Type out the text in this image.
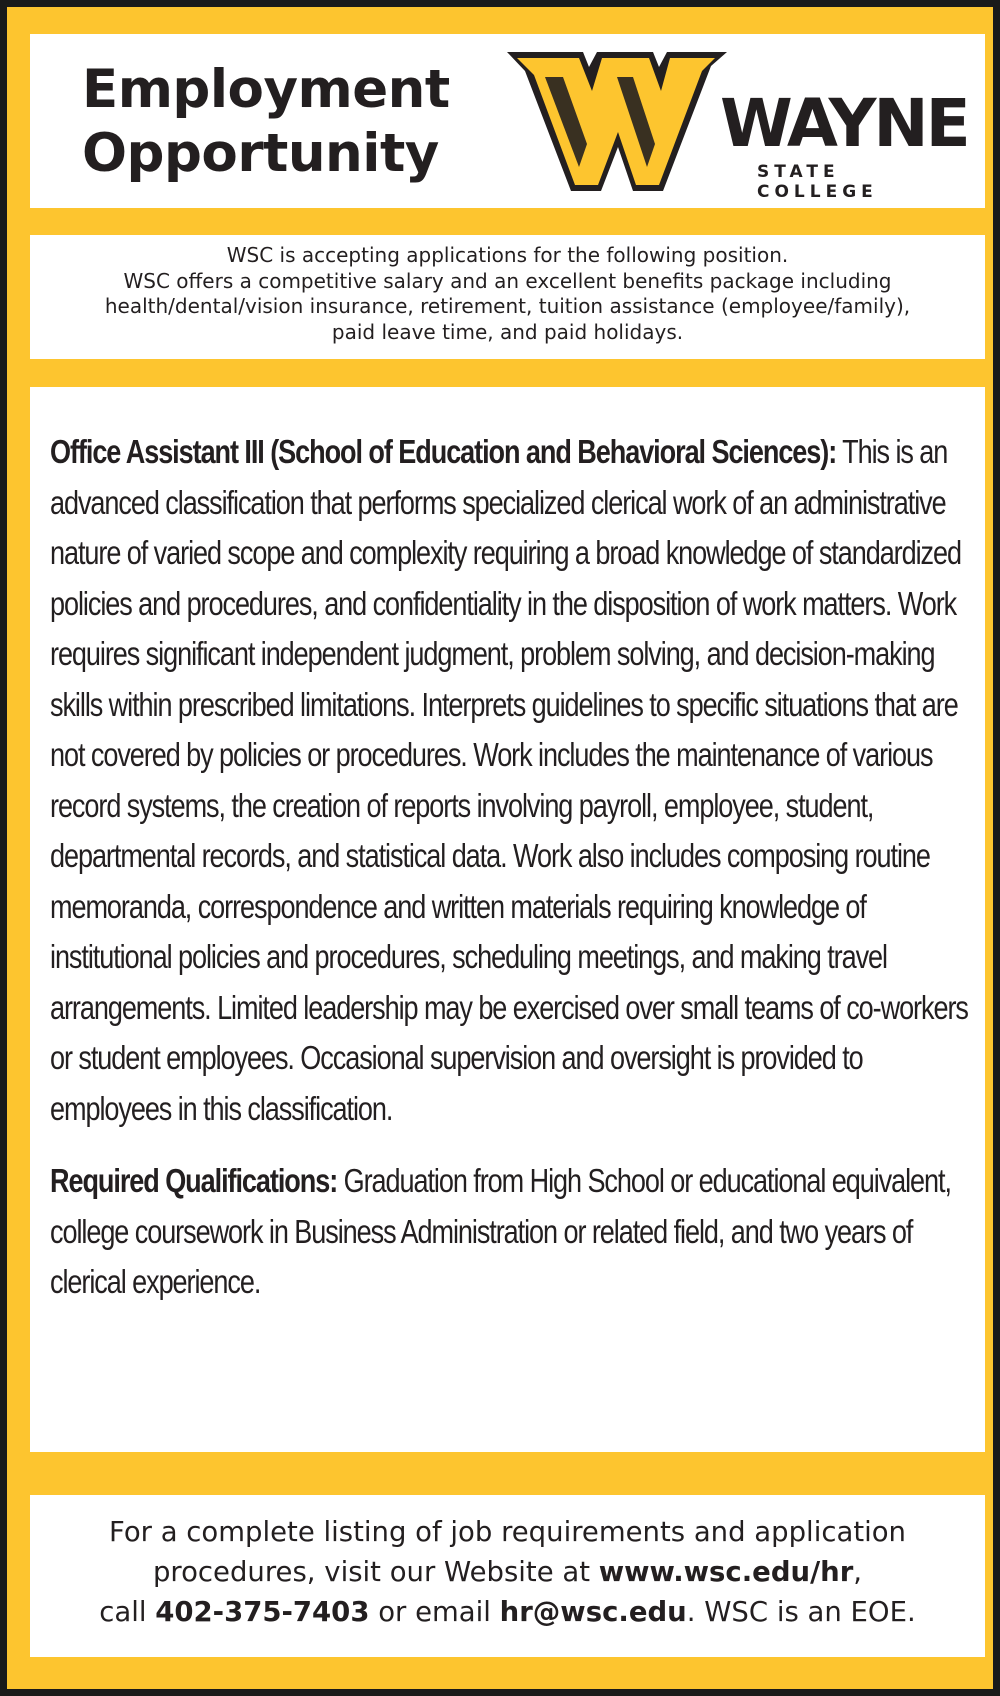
Employment
Opportunity	WAYNE
STATE COLLEGE

WSC is accepting applications for the following position.
WSC offers a competitive salary and an excellent benefits package including
health/dental/vision insurance, retirement, tuition assistance (employee/family),
paid leave time, and paid holidays.

Office Assistant III (School of Education and Behavioral Sciences): This is an advanced classification that performs specialized clerical work of an administrative nature of varied scope and complexity requiring a broad knowledge of standardized policies and procedures, and confidentiality in the disposition of work matters. Work requires significant independent judgment, problem solving, and decision-making skills within prescribed limitations. Interprets guidelines to specific situations that are not covered by policies or procedures. Work includes the maintenance of various record systems, the creation of reports involving payroll, employee, student, departmental records, and statistical data. Work also includes composing routine memoranda, correspondence and written materials requiring knowledge of institutional policies and procedures, scheduling meetings, and making travel arrangements. Limited leadership may be exercised over small teams of co-workers or student employees. Occasional supervision and oversight is provided to employees in this classification.

Required Qualifications: Graduation from High School or educational equivalent, college coursework in Business Administration or related field, and two years of clerical experience.

For a complete listing of job requirements and application procedures, visit our Website at www.wsc.edu/hr,

call 402-375-7403 or email hr@wsc.edu. WSC is an EOE.
